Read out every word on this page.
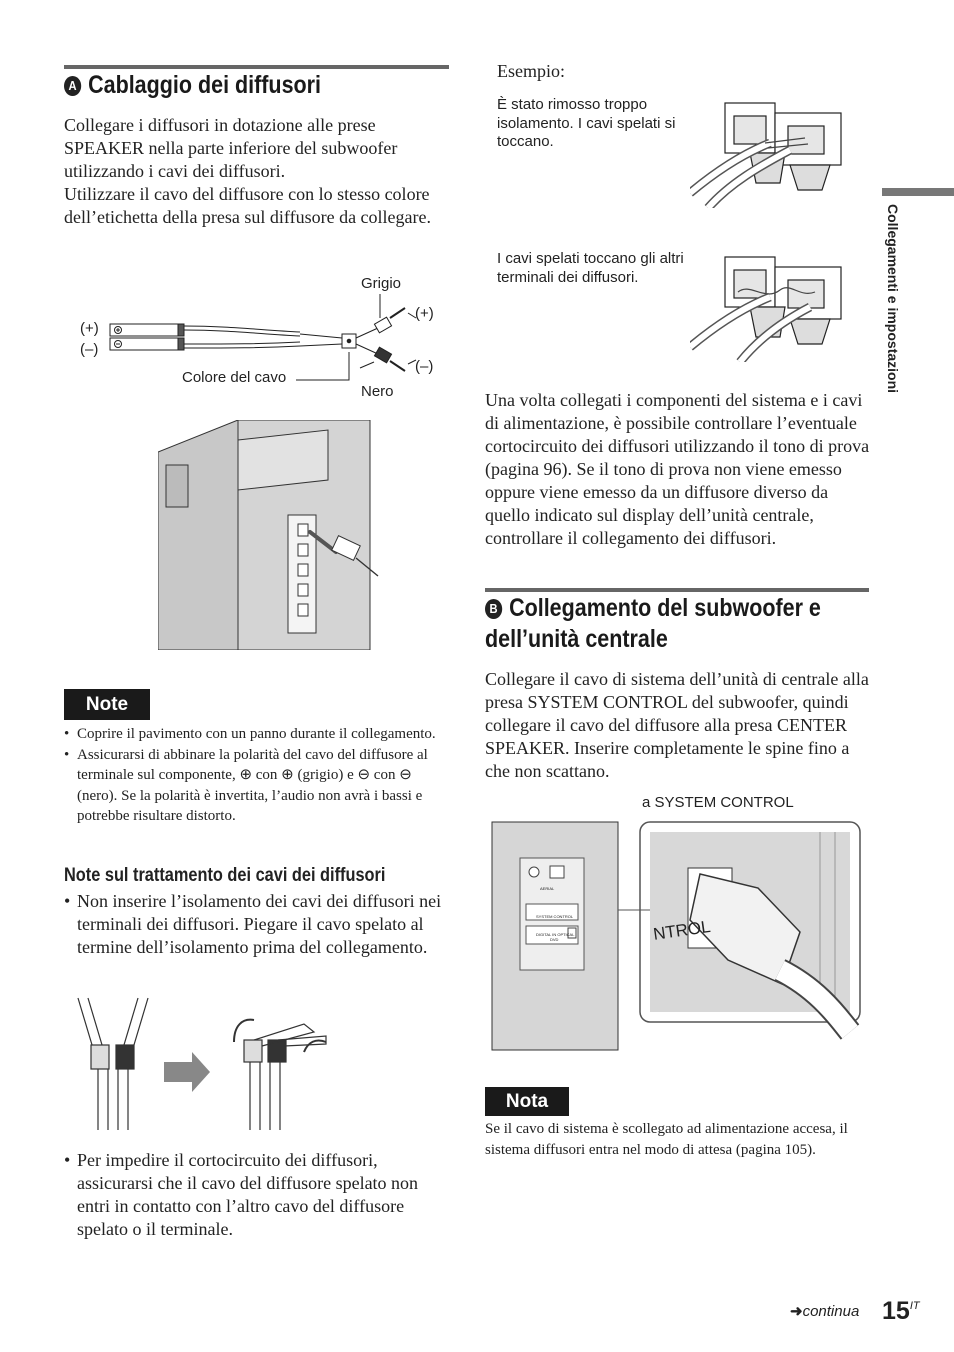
Collegamenti e impostazioni
A Cablaggio dei diffusori
Collegare i diffusori in dotazione alle prese SPEAKER nella parte inferiore del subwoofer utilizzando i cavi dei diffusori.
Utilizzare il cavo del diffusore con lo stesso colore dell’etichetta della presa sul diffusore da collegare.
Grigio
(+)
(–)
(+)
(–)
Colore del cavo
Nero
Note
• Coprire il pavimento con un panno durante il collegamento.
• Assicurarsi di abbinare la polarità del cavo del diffusore al terminale sul componente, ⊕ con ⊕ (grigio) e ⊖ con ⊖ (nero). Se la polarità è invertita, l’audio non avrà i bassi e potrebbe risultare distorto.
Note sul trattamento dei cavi dei diffusori
• Non inserire l’isolamento dei cavi dei diffusori nei terminali dei diffusori. Piegare il cavo spelato al termine dell’isolamento prima del collegamento.
• Per impedire il cortocircuito dei diffusori, assicurarsi che il cavo del diffusore spelato non entri in contatto con l’altro cavo del diffusore spelato o il terminale.
Esempio:
È stato rimosso troppo isolamento. I cavi spelati si toccano.
I cavi spelati toccano gli altri terminali dei diffusori.
Una volta collegati i componenti del sistema e i cavi di alimentazione, è possibile controllare l’eventuale cortocircuito dei diffusori utilizzando il tono di prova (pagina 96). Se il tono di prova non viene emesso oppure viene emesso da un diffusore diverso da quello indicato sul display dell’unità centrale, controllare il collegamento dei diffusori.
B Collegamento del subwoofer e
dell’unità centrale
Collegare il cavo di sistema dell’unità di centrale alla presa SYSTEM CONTROL del subwoofer, quindi collegare il cavo del diffusore alla presa CENTER SPEAKER. Inserire completamente le spine fino a che non scattano.
a SYSTEM CONTROL
NTROL
AERIAL
SYSTEM CONTROL
DIGITAL IN OPTICAL
DVD
Nota
Se il cavo di sistema è scollegato ad alimentazione accesa, il sistema diffusori entra nel modo di attesa (pagina 105).
➜continua $15^{IT}$
